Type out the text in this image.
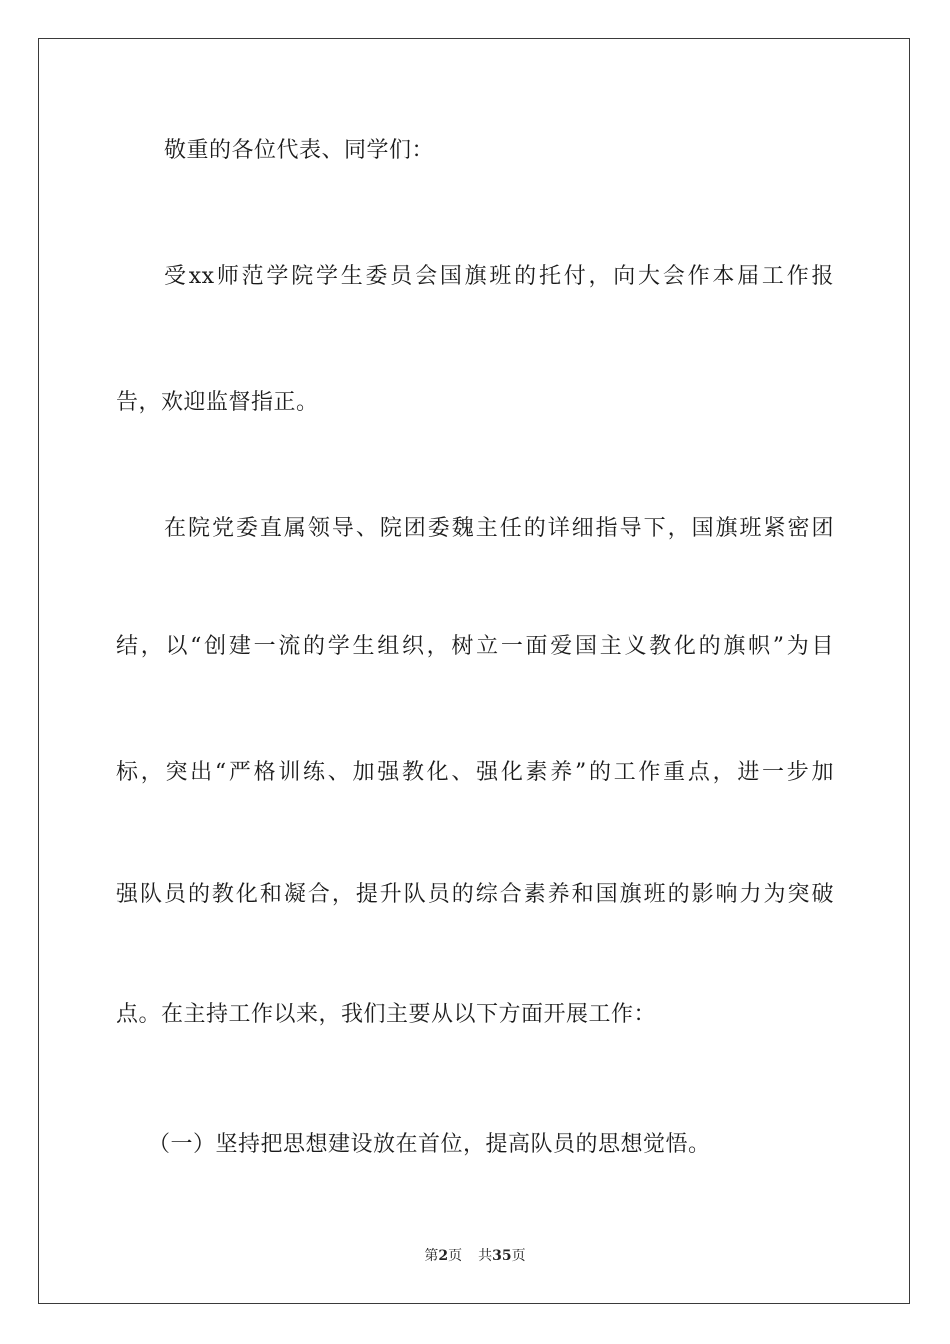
敬重的各位代表、同学们：
受xx师范学院学生委员会国旗班的托付，向大会作本届工作报
告，欢迎监督指正。
在院党委直属领导、院团委魏主任的详细指导下，国旗班紧密团
结，以“创建一流的学生组织，树立一面爱国主义教化的旗帜”为目
标，突出“严格训练、加强教化、强化素养”的工作重点，进一步加
强队员的教化和凝合，提升队员的综合素养和国旗班的影响力为突破
点。在主持工作以来，我们主要从以下方面开展工作：
（一）坚持把思想建设放在首位，提高队员的思想觉悟。
第2页 共35页
